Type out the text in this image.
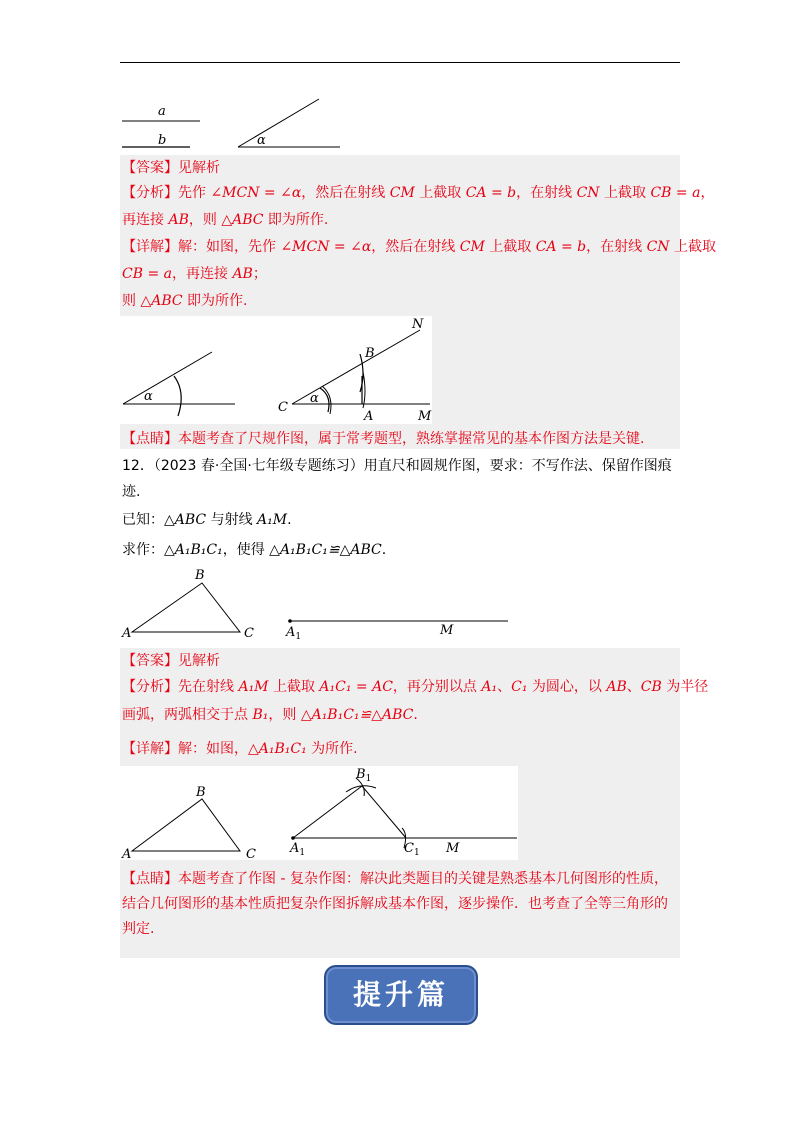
a
b	α
【答案】见解析
【分析】先作 ∠MCN = ∠α，然后在射线 CM 上截取 CA = b，在射线 CN 上截取 CB = a，
再连接 AB，则 △ABC 即为所作.
【详解】解：如图，先作 ∠MCN = ∠α，然后在射线 CM 上截取 CA = b，在射线 CN 上截取
CB = a，再连接 AB；
则 △ABC 即为所作.
α
N
B
C
α
A	M
【点睛】本题考查了尺规作图，属于常考题型，熟练掌握常见的基本作图方法是关键.
12．（2023 春·全国·七年级专题练习）用直尺和圆规作图，要求：不写作法、保留作图痕
迹.
已知：△ABC 与射线 A₁M.
求作：△A₁B₁C₁，使得 △A₁B₁C₁≌△ABC.
B
A	C $A_1$	M
【答案】见解析
【分析】先在射线 A₁M 上截取 A₁C₁ = AC，再分别以点 A₁、C₁ 为圆心，以 AB、CB 为半径
画弧，两弧相交于点 B₁，则 △A₁B₁C₁≌△ABC.
【详解】解：如图，△A₁B₁C₁ 为所作.
B
A	C
$B_1$
$A_1$	$C_1$ M
【点睛】本题考查了作图 - 复杂作图：解决此类题目的关键是熟悉基本几何图形的性质，
结合几何图形的基本性质把复杂作图拆解成基本作图，逐步操作．也考查了全等三角形的
判定.
提升篇
